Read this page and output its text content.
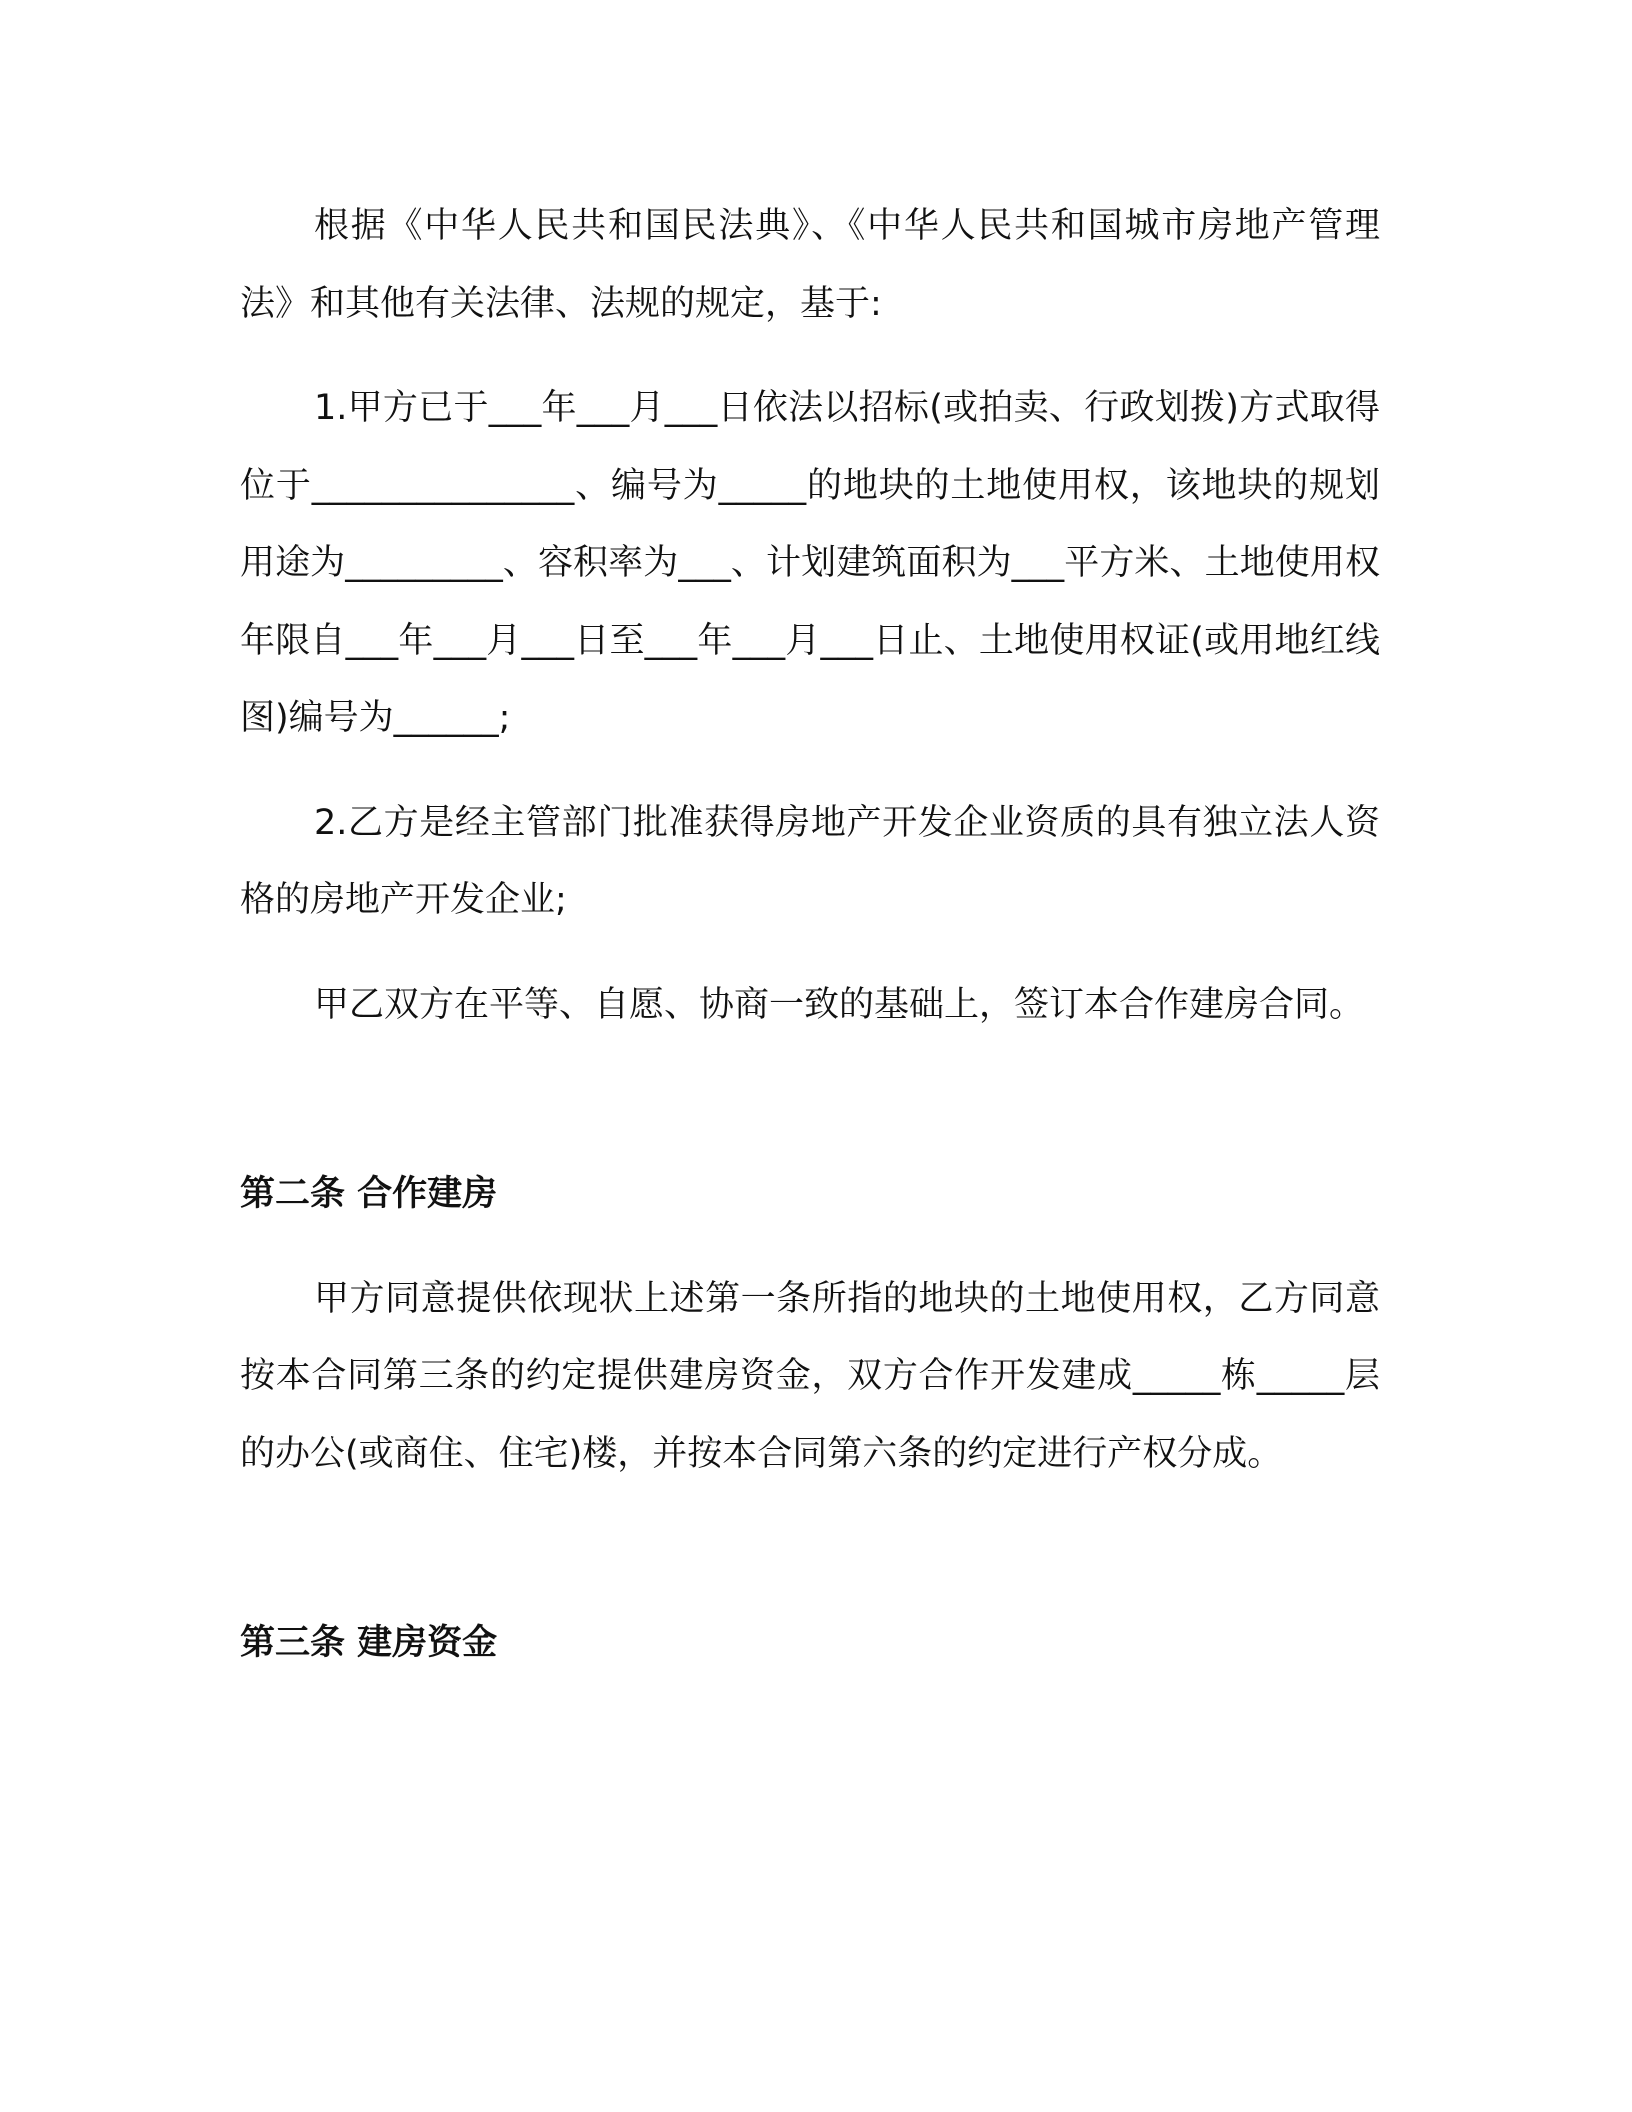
根据《中华人民共和国民法典》、《中华人民共和国城市房地产管理法》和其他有关法律、法规的规定，基于:

1.甲方已于___年___月___日依法以招标(或拍卖、行政划拨)方式取得位于_______________、编号为_____的地块的土地使用权，该地块的规划用途为_________、容积率为___、计划建筑面积为___平方米、土地使用权年限自___年___月___日至___年___月___日止、土地使用权证(或用地红线图)编号为______;

2.乙方是经主管部门批准获得房地产开发企业资质的具有独立法人资格的房地产开发企业;

甲乙双方在平等、自愿、协商一致的基础上，签订本合作建房合同。

第二条 合作建房

甲方同意提供依现状上述第一条所指的地块的土地使用权，乙方同意按本合同第三条的约定提供建房资金，双方合作开发建成_____栋_____层的办公(或商住、住宅)楼，并按本合同第六条的约定进行产权分成。

第三条 建房资金
